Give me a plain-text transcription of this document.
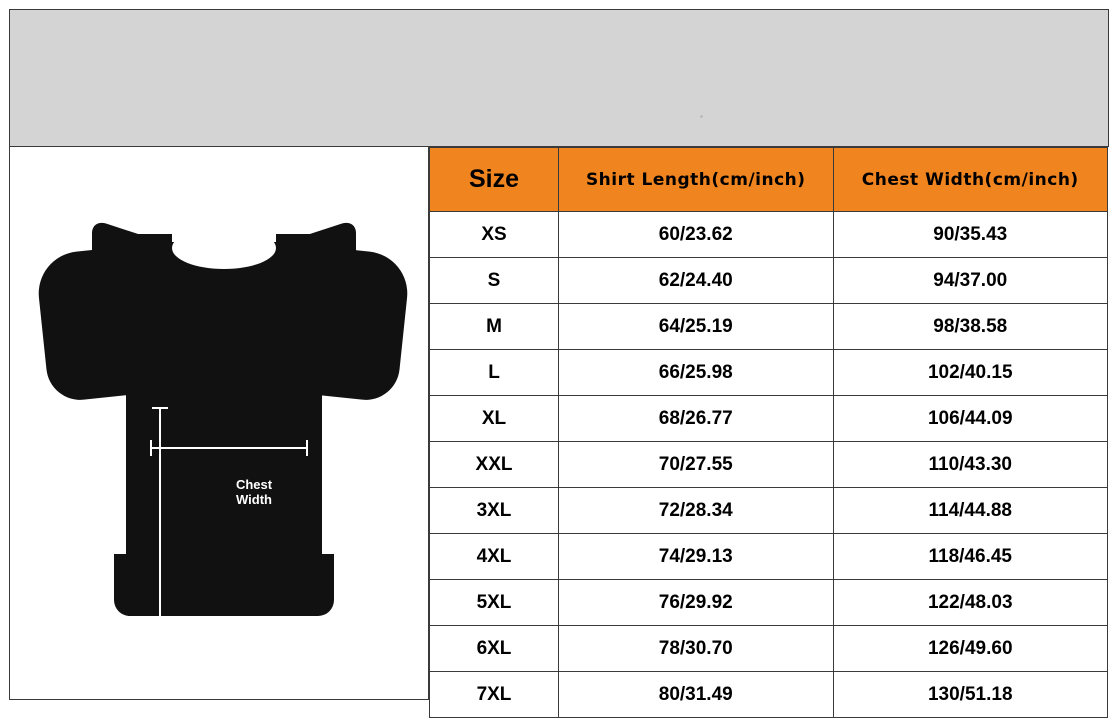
Chest
Width
Shirt
Length
Size	Shirt Length(cm/inch)	Chest Width(cm/inch)
XS	60/23.62	90/35.43
S	62/24.40	94/37.00
M	64/25.19	98/38.58
L	66/25.98	102/40.15
XL	68/26.77	106/44.09
XXL	70/27.55	110/43.30
3XL	72/28.34	114/44.88
4XL	74/29.13	118/46.45
5XL	76/29.92	122/48.03
6XL	78/30.70	126/49.60
7XL	80/31.49	130/51.18
